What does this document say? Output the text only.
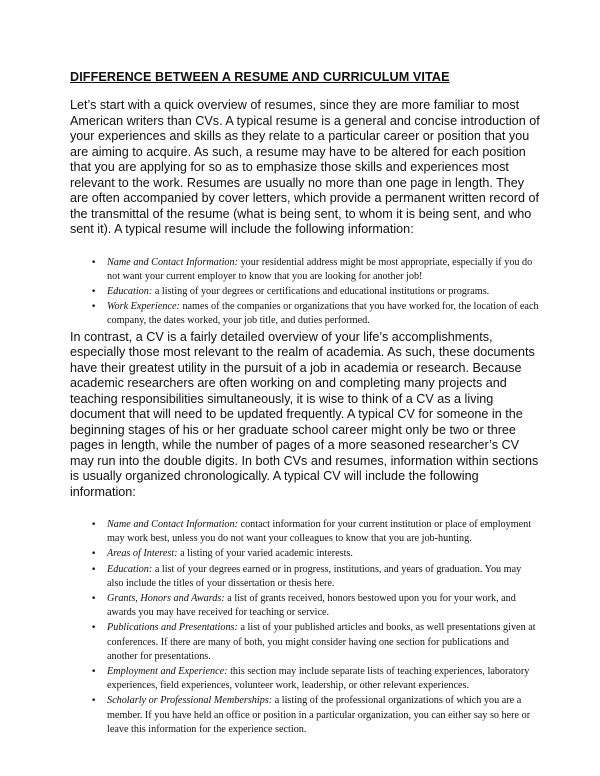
DIFFERENCE BETWEEN A RESUME AND CURRICULUM VITAE

Let’s start with a quick overview of resumes, since they are more familiar to most American writers than CVs. A typical resume is a general and concise introduction of your experiences and skills as they relate to a particular career or position that you are aiming to acquire. As such, a resume may have to be altered for each position that you are applying for so as to emphasize those skills and experiences most relevant to the work. Resumes are usually no more than one page in length. They are often accompanied by cover letters, which provide a permanent written record of the transmittal of the resume (what is being sent, to whom it is being sent, and who sent it). A typical resume will include the following information:

• Name and Contact Information: your residential address might be most appropriate, especially if you do not want your current employer to know that you are looking for another job!
• Education: a listing of your degrees or certifications and educational institutions or programs.
• Work Experience: names of the companies or organizations that you have worked for, the location of each company, the dates worked, your job title, and duties performed.

In contrast, a CV is a fairly detailed overview of your life’s accomplishments, especially those most relevant to the realm of academia. As such, these documents have their greatest utility in the pursuit of a job in academia or research. Because academic researchers are often working on and completing many projects and teaching responsibilities simultaneously, it is wise to think of a CV as a living document that will need to be updated frequently. A typical CV for someone in the beginning stages of his or her graduate school career might only be two or three pages in length, while the number of pages of a more seasoned researcher’s CV may run into the double digits. In both CVs and resumes, information within sections is usually organized chronologically. A typical CV will include the following information:

• Name and Contact Information: contact information for your current institution or place of employment may work best, unless you do not want your colleagues to know that you are job-hunting.
• Areas of Interest: a listing of your varied academic interests.
• Education: a list of your degrees earned or in progress, institutions, and years of graduation. You may also include the titles of your dissertation or thesis here.
• Grants, Honors and Awards: a list of grants received, honors bestowed upon you for your work, and awards you may have received for teaching or service.
• Publications and Presentations: a list of your published articles and books, as well presentations given at conferences. If there are many of both, you might consider having one section for publications and another for presentations.
• Employment and Experience: this section may include separate lists of teaching experiences, laboratory experiences, field experiences, volunteer work, leadership, or other relevant experiences.
• Scholarly or Professional Memberships: a listing of the professional organizations of which you are a member. If you have held an office or position in a particular organization, you can either say so here or leave this information for the experience section.
